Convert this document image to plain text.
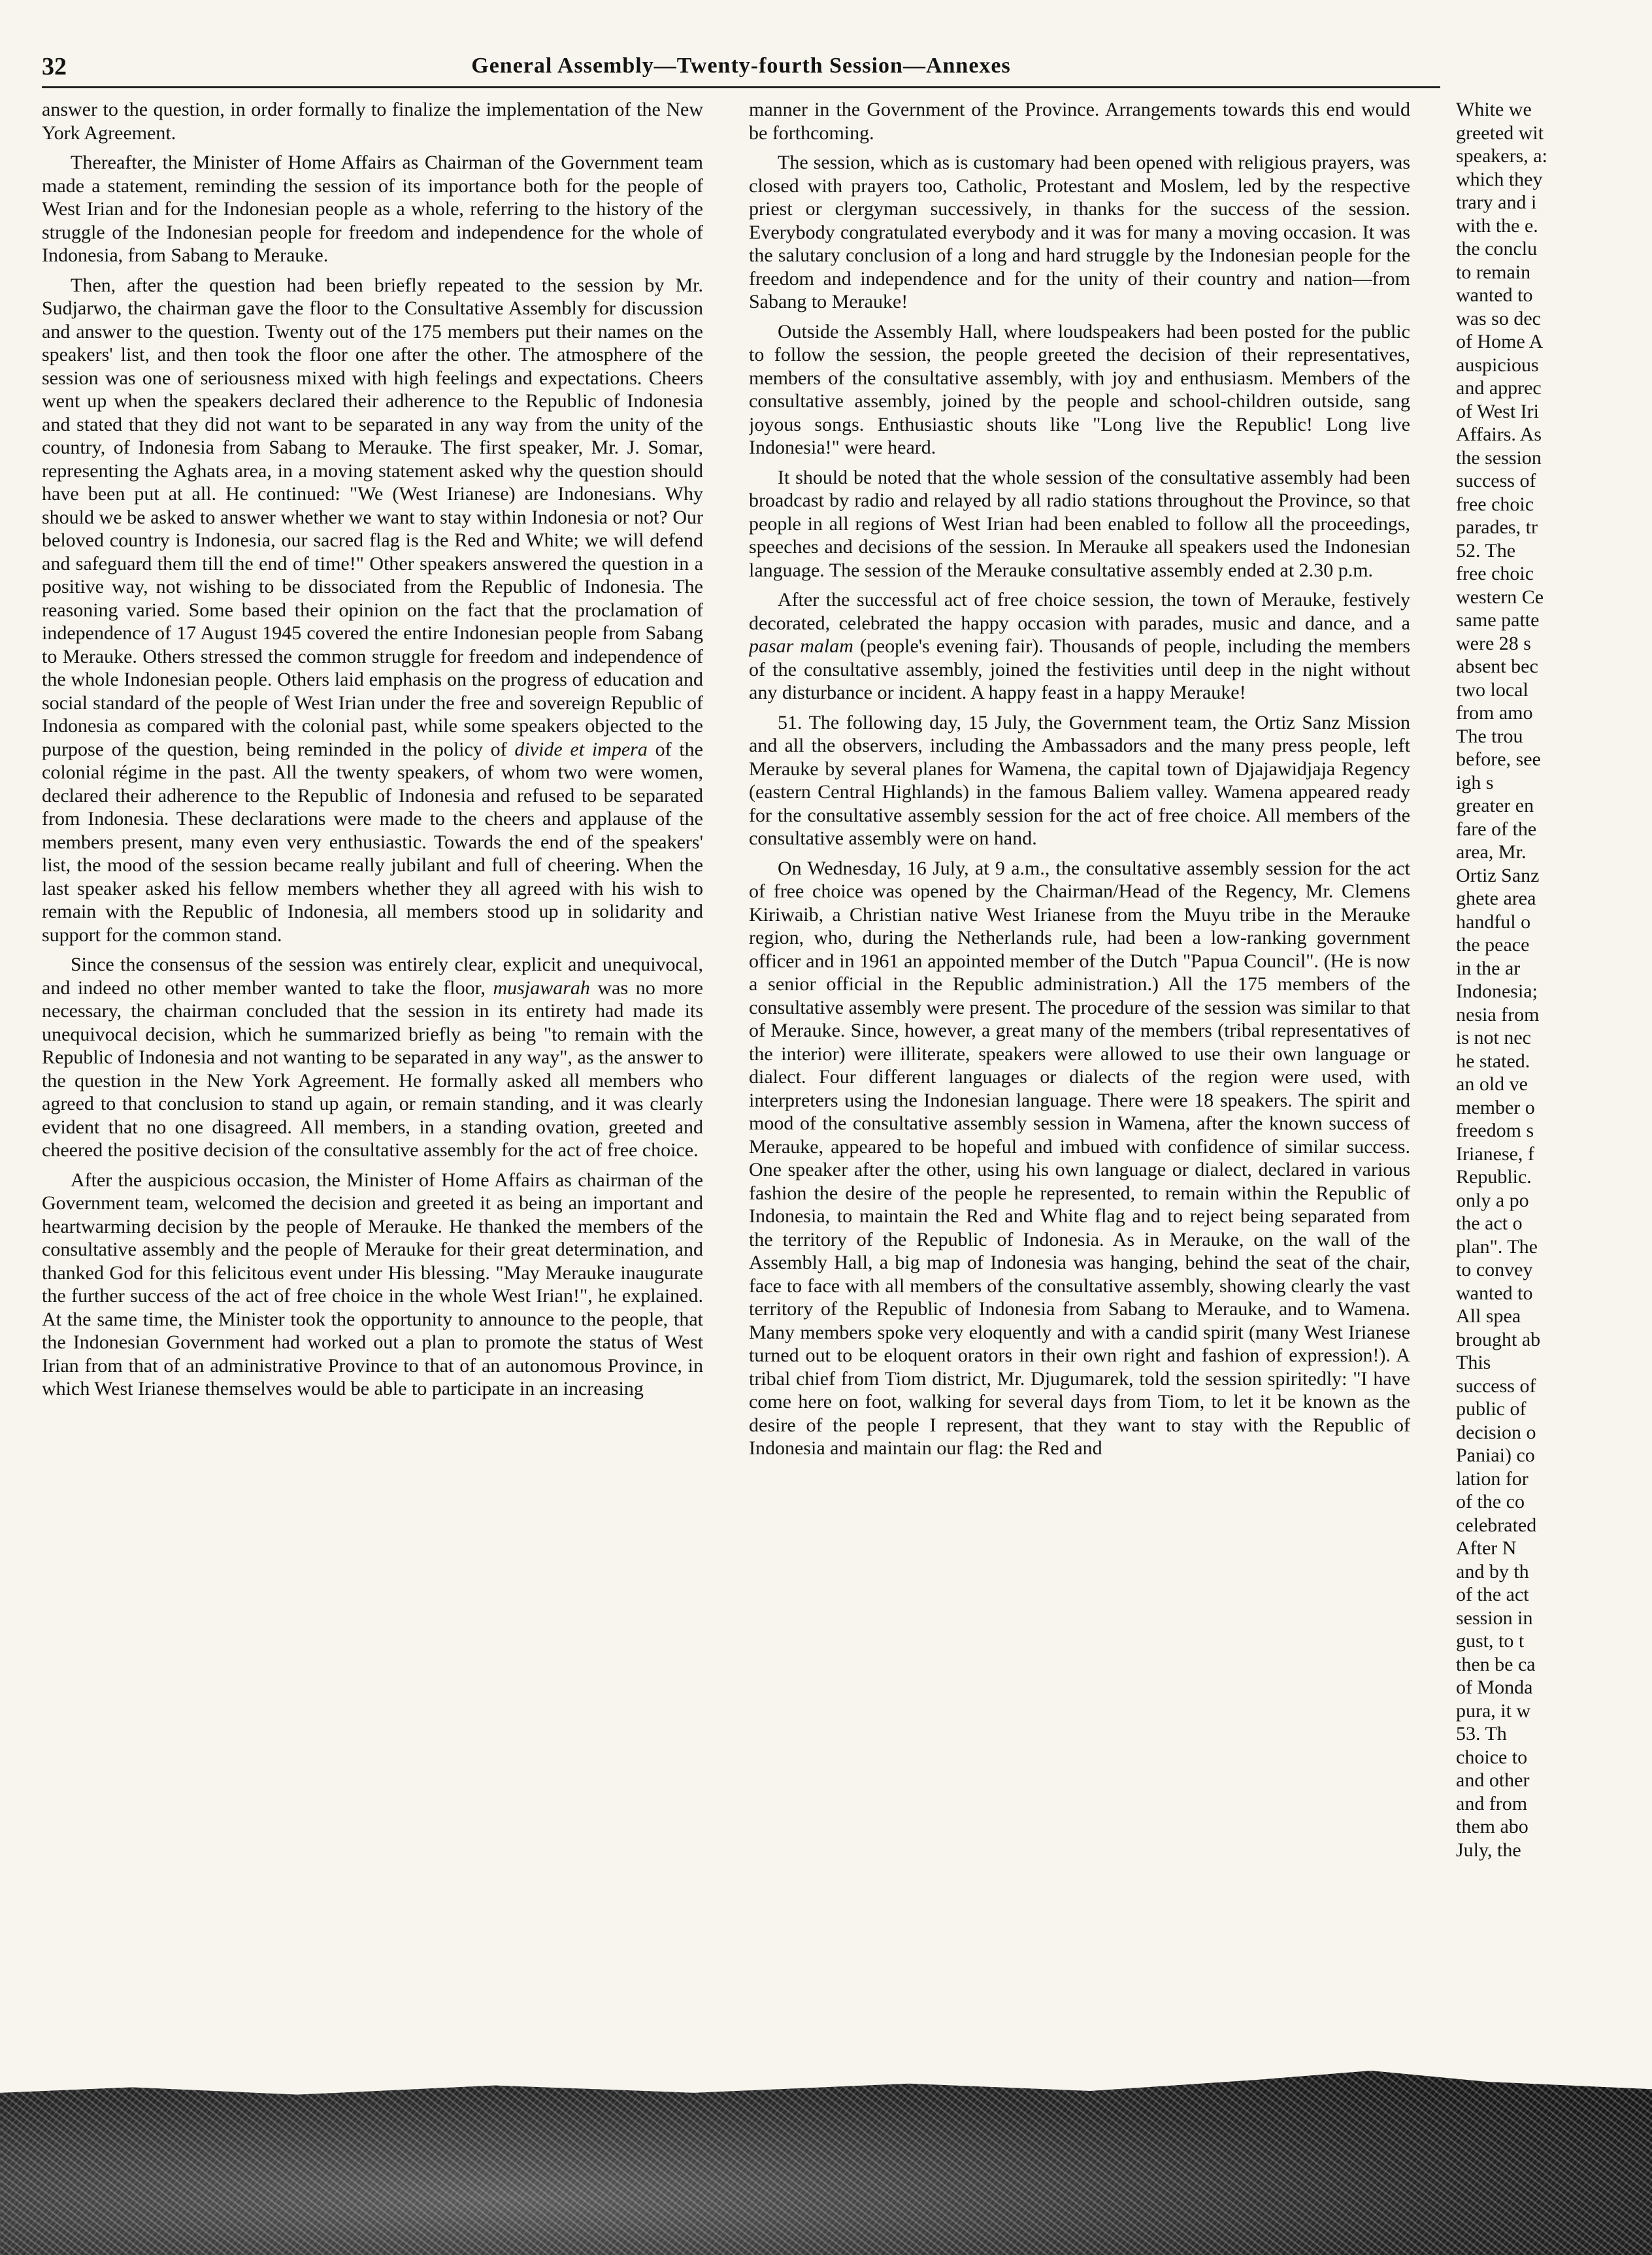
32	General Assembly—Twenty-fourth Session—Annexes

answer to the question, in order formally to finalize the implementation of the New York Agreement.

Thereafter, the Minister of Home Affairs as Chairman of the Government team made a statement, reminding the session of its importance both for the people of West Irian and for the Indonesian people as a whole, referring to the history of the struggle of the Indonesian people for freedom and independence for the whole of Indonesia, from Sabang to Merauke.

Then, after the question had been briefly repeated to the session by Mr. Sudjarwo, the chairman gave the floor to the Consultative Assembly for discussion and answer to the question. Twenty out of the 175 members put their names on the speakers' list, and then took the floor one after the other. The atmosphere of the session was one of seriousness mixed with high feelings and expectations. Cheers went up when the speakers declared their adherence to the Republic of Indonesia and stated that they did not want to be separated in any way from the unity of the country, of Indonesia from Sabang to Merauke. The first speaker, Mr. J. Somar, representing the Aghats area, in a moving statement asked why the question should have been put at all. He continued: "We (West Irianese) are Indonesians. Why should we be asked to answer whether we want to stay within Indonesia or not? Our beloved country is Indonesia, our sacred flag is the Red and White; we will defend and safeguard them till the end of time!" Other speakers answered the question in a positive way, not wishing to be dissociated from the Republic of Indonesia. The reasoning varied. Some based their opinion on the fact that the proclamation of independence of 17 August 1945 covered the entire Indonesian people from Sabang to Merauke. Others stressed the common struggle for freedom and independence of the whole Indonesian people. Others laid emphasis on the progress of education and social standard of the people of West Irian under the free and sovereign Republic of Indonesia as compared with the colonial past, while some speakers objected to the purpose of the question, being reminded in the policy of divide et impera of the colonial régime in the past. All the twenty speakers, of whom two were women, declared their adherence to the Republic of Indonesia and refused to be separated from Indonesia. These declarations were made to the cheers and applause of the members present, many even very enthusiastic. Towards the end of the speakers' list, the mood of the session became really jubilant and full of cheering. When the last speaker asked his fellow members whether they all agreed with his wish to remain with the Republic of Indonesia, all members stood up in solidarity and support for the common stand.

Since the consensus of the session was entirely clear, explicit and unequivocal, and indeed no other member wanted to take the floor, musjawarah was no more necessary, the chairman concluded that the session in its entirety had made its unequivocal decision, which he summarized briefly as being "to remain with the Republic of Indonesia and not wanting to be separated in any way", as the answer to the question in the New York Agreement. He formally asked all members who agreed to that conclusion to stand up again, or remain standing, and it was clearly evident that no one disagreed. All members, in a standing ovation, greeted and cheered the positive decision of the consultative assembly for the act of free choice.

After the auspicious occasion, the Minister of Home Affairs as chairman of the Government team, welcomed the decision and greeted it as being an important and heartwarming decision by the people of Merauke. He thanked the members of the consultative assembly and the people of Merauke for their great determination, and thanked God for this felicitous event under His blessing. "May Merauke inaugurate the further success of the act of free choice in the whole West Irian!", he explained. At the same time, the Minister took the opportunity to announce to the people, that the Indonesian Government had worked out a plan to promote the status of West Irian from that of an administrative Province to that of an autonomous Province, in which West Irianese themselves would be able to participate in an increasing

manner in the Government of the Province. Arrangements towards this end would be forthcoming.

The session, which as is customary had been opened with religious prayers, was closed with prayers too, Catholic, Protestant and Moslem, led by the respective priest or clergyman successively, in thanks for the success of the session. Everybody congratulated everybody and it was for many a moving occasion. It was the salutary conclusion of a long and hard struggle by the Indonesian people for the freedom and independence and for the unity of their country and nation—from Sabang to Merauke!

Outside the Assembly Hall, where loudspeakers had been posted for the public to follow the session, the people greeted the decision of their representatives, members of the consultative assembly, with joy and enthusiasm. Members of the consultative assembly, joined by the people and school-children outside, sang joyous songs. Enthusiastic shouts like "Long live the Republic! Long live Indonesia!" were heard.

It should be noted that the whole session of the consultative assembly had been broadcast by radio and relayed by all radio stations throughout the Province, so that people in all regions of West Irian had been enabled to follow all the proceedings, speeches and decisions of the session. In Merauke all speakers used the Indonesian language. The session of the Merauke consultative assembly ended at 2.30 p.m.

After the successful act of free choice session, the town of Merauke, festively decorated, celebrated the happy occasion with parades, music and dance, and a pasar malam (people's evening fair). Thousands of people, including the members of the consultative assembly, joined the festivities until deep in the night without any disturbance or incident. A happy feast in a happy Merauke!

51. The following day, 15 July, the Government team, the Ortiz Sanz Mission and all the observers, including the Ambassadors and the many press people, left Merauke by several planes for Wamena, the capital town of Djajawidjaja Regency (eastern Central Highlands) in the famous Baliem valley. Wamena appeared ready for the consultative assembly session for the act of free choice. All members of the consultative assembly were on hand.

On Wednesday, 16 July, at 9 a.m., the consultative assembly session for the act of free choice was opened by the Chairman/Head of the Regency, Mr. Clemens Kiriwaib, a Christian native West Irianese from the Muyu tribe in the Merauke region, who, during the Netherlands rule, had been a low-ranking government officer and in 1961 an appointed member of the Dutch "Papua Council". (He is now a senior official in the Republic administration.) All the 175 members of the consultative assembly were present. The procedure of the session was similar to that of Merauke. Since, however, a great many of the members (tribal representatives of the interior) were illiterate, speakers were allowed to use their own language or dialect. Four different languages or dialects of the region were used, with interpreters using the Indonesian language. There were 18 speakers. The spirit and mood of the consultative assembly session in Wamena, after the known success of Merauke, appeared to be hopeful and imbued with confidence of similar success. One speaker after the other, using his own language or dialect, declared in various fashion the desire of the people he represented, to remain within the Republic of Indonesia, to maintain the Red and White flag and to reject being separated from the territory of the Republic of Indonesia. As in Merauke, on the wall of the Assembly Hall, a big map of Indonesia was hanging, behind the seat of the chair, face to face with all members of the consultative assembly, showing clearly the vast territory of the Republic of Indonesia from Sabang to Merauke, and to Wamena. Many members spoke very eloquently and with a candid spirit (many West Irianese turned out to be eloquent orators in their own right and fashion of expression!). A tribal chief from Tiom district, Mr. Djugumarek, told the session spiritedly: "I have come here on foot, walking for several days from Tiom, to let it be known as the desire of the people I represent, that they want to stay with the Republic of Indonesia and maintain our flag: the Red and

White we

greeted wit

speakers, a:

which they

trary and i

with the e.

the conclu

to remain

wanted to

was so dec

of Home A

auspicious

and apprec

of West Iri

Affairs. As

the session

success of

free choic

parades, tr

52. The

free choic

western Ce

same patte

were 28 s

absent bec

two local

from amo

The trou

before, see

igh s

greater en

fare of the

area, Mr.

Ortiz Sanz

ghete area

handful o

the peace

in the ar

Indonesia;

nesia from

is not nec

he stated.

an old ve

member o

freedom s

Irianese, f

Republic.

only a po

the act o

plan". The

to convey

wanted to

All spea

brought ab

This

success of

public of

decision o

Paniai) co

lation for

of the co

celebrated

After N

and by th

of the act

session in

gust, to t

then be ca

of Monda

pura, it w

53. Th

choice to

and other

and from

them abo

July, the
